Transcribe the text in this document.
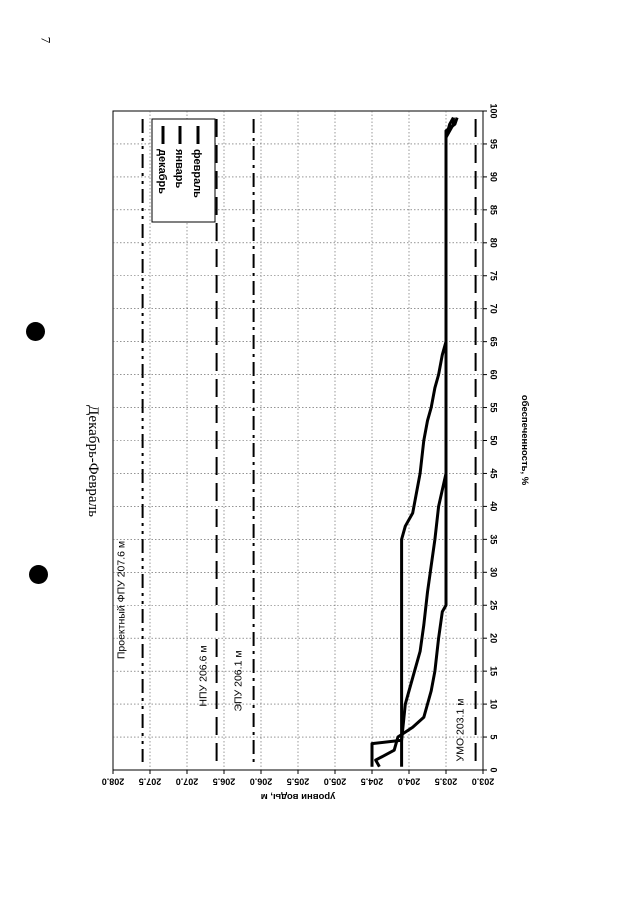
7
Декабрь-Февраль
Проектный ФПУ 207.6 м
НПУ 206.6 м ЭПУ 206.1 м
УМО 203.1 м
0
5
10
15
20
25
30
35
40
45
50
55
60
65
70
75
80
85
90
95
100
203.0
203.5
204.0
204.5
205.0
205.5
206.0
206.5
207.0
207.5
208.0
обеспеченность, %
уровни воды, м
декабрь январь февраль
